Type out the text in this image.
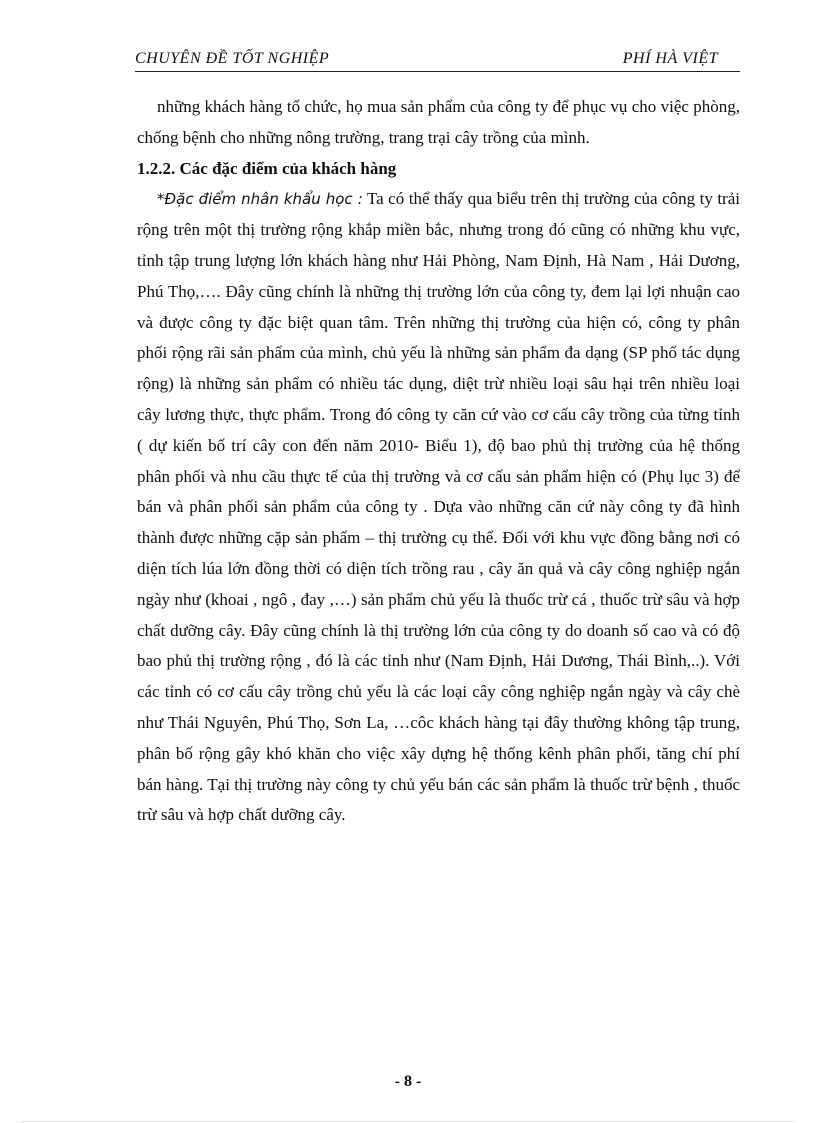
CHUYÊN ĐỀ TỐT NGHIỆP	PHÍ HÀ VIỆT

những khách hàng tổ chức, họ mua sản phẩm của công ty để phục vụ cho việc phòng, chống bệnh cho những nông trường, trang trại cây trồng của mình.

1.2.2. Các đặc điểm của khách hàng

*Đặc điểm nhân khẩu học : Ta có thể thấy qua biểu trên thị trường của công ty trải rộng trên một thị trường rộng khắp miền bắc, nhưng trong đó cũng có những khu vực, tỉnh tập trung lượng lớn khách hàng như Hải Phòng, Nam Định, Hà Nam , Hải Dương, Phú Thọ,…. Đây cũng chính là những thị trường lớn của công ty, đem lại lợi nhuận cao và được công ty đặc biệt quan tâm. Trên những thị trường của hiện có, công ty phân phối rộng rãi sản phẩm của mình, chủ yếu là những sản phẩm đa dạng (SP phổ tác dụng rộng) là những sản phẩm có nhiều tác dụng, diệt trừ nhiều loại sâu hại trên nhiều loại cây lương thực, thực phẩm. Trong đó công ty căn cứ vào cơ cấu cây trồng của từng tỉnh ( dự kiến bố trí cây con đến năm 2010- Biểu 1), độ bao phủ thị trường của hệ thống phân phối và nhu cầu thực tế của thị trường và cơ cấu sản phẩm hiện có (Phụ lục 3) để bán và phân phối sản phẩm của công ty . Dựa vào những căn cứ này công ty đã hình thành được những cặp sản phẩm – thị trường cụ thể. Đối với khu vực đồng bằng nơi có diện tích lúa lớn đồng thời có diện tích trồng rau , cây ăn quả và cây công nghiệp ngắn ngày như (khoai , ngô , đay ,…) sản phẩm chủ yếu là thuốc trừ cá , thuốc trừ sâu và hợp chất dưỡng cây. Đây cũng chính là thị trường lớn của công ty do doanh số cao và có độ bao phủ thị trường rộng , đó là các tỉnh như (Nam Định, Hải Dương, Thái Bình,..). Với các tỉnh có cơ cấu cây trồng chủ yếu là các loại cây công nghiệp ngắn ngày và cây chè như Thái Nguyên, Phú Thọ, Sơn La, …côc khách hàng tại đây thường không tập trung, phân bố rộng gây khó khăn cho việc xây dựng hệ thống kênh phân phối, tăng chí phí bán hàng. Tại thị trường này công ty chủ yếu bán các sản phẩm là thuốc trừ bệnh , thuốc trừ sâu và hợp chất dưỡng cây.

- 8 -
